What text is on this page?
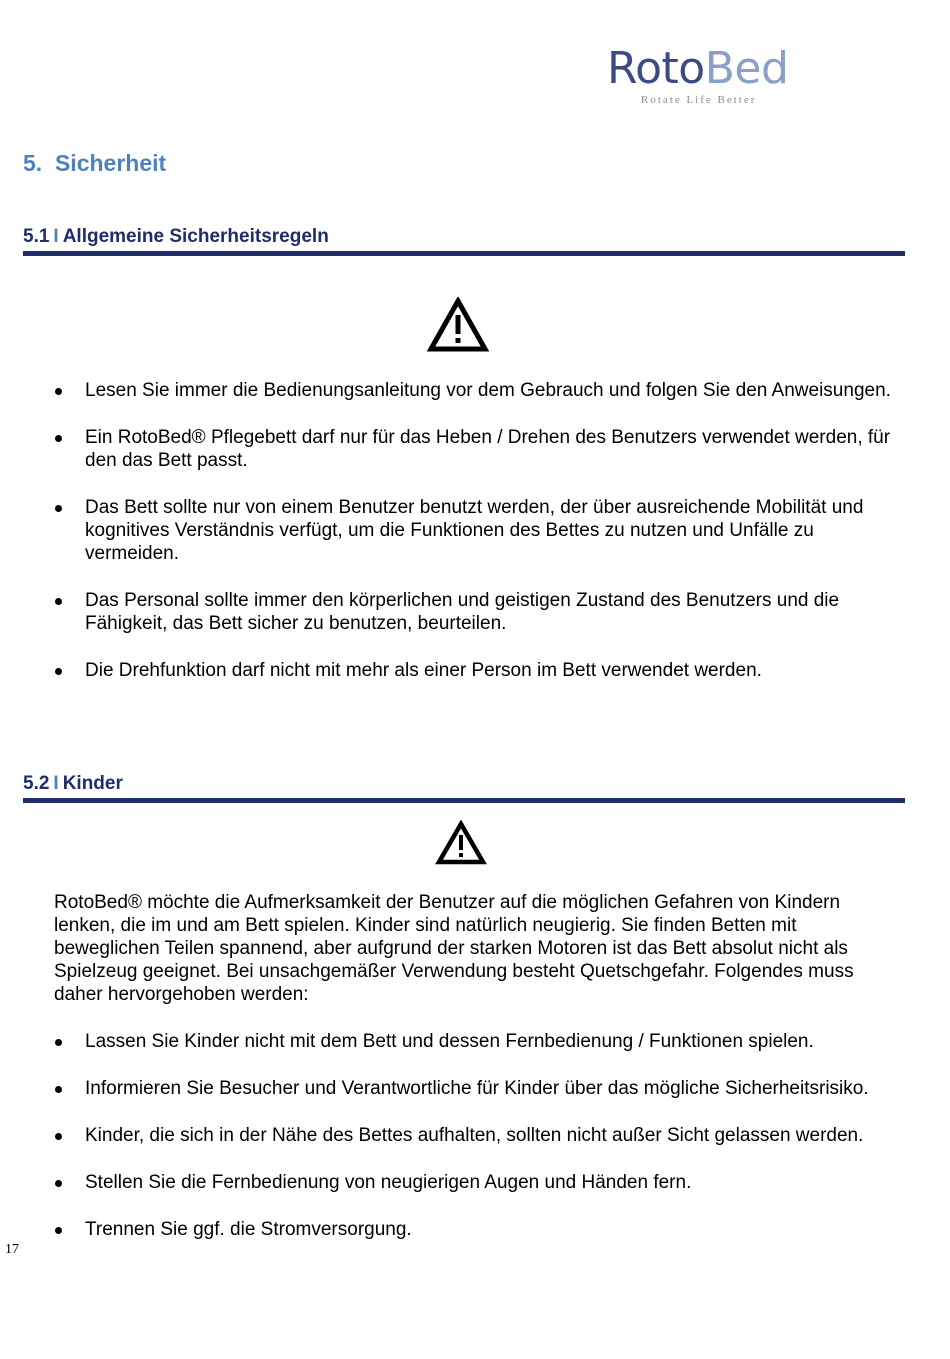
RotoBed
Rotate Life Better
5. Sicherheit
5.1 I Allgemeine Sicherheitsregeln
Lesen Sie immer die Bedienungsanleitung vor dem Gebrauch und folgen Sie den Anweisungen.
Ein RotoBed® Pflegebett darf nur für das Heben / Drehen des Benutzers verwendet werden, für den das Bett passt.
Das Bett sollte nur von einem Benutzer benutzt werden, der über ausreichende Mobilität und kognitives Verständnis verfügt, um die Funktionen des Bettes zu nutzen und Unfälle zu vermeiden.
Das Personal sollte immer den körperlichen und geistigen Zustand des Benutzers und die Fähigkeit, das Bett sicher zu benutzen, beurteilen.
Die Drehfunktion darf nicht mit mehr als einer Person im Bett verwendet werden.
5.2 I Kinder
RotoBed® möchte die Aufmerksamkeit der Benutzer auf die möglichen Gefahren von Kindern lenken, die im und am Bett spielen. Kinder sind natürlich neugierig. Sie finden Betten mit beweglichen Teilen spannend, aber aufgrund der starken Motoren ist das Bett absolut nicht als Spielzeug geeignet. Bei unsachgemäßer Verwendung besteht Quetschgefahr. Folgendes muss daher hervorgehoben werden:
Lassen Sie Kinder nicht mit dem Bett und dessen Fernbedienung / Funktionen spielen.
Informieren Sie Besucher und Verantwortliche für Kinder über das mögliche Sicherheitsrisiko.
Kinder, die sich in der Nähe des Bettes aufhalten, sollten nicht außer Sicht gelassen werden.
Stellen Sie die Fernbedienung von neugierigen Augen und Händen fern.
Trennen Sie ggf. die Stromversorgung.
17
